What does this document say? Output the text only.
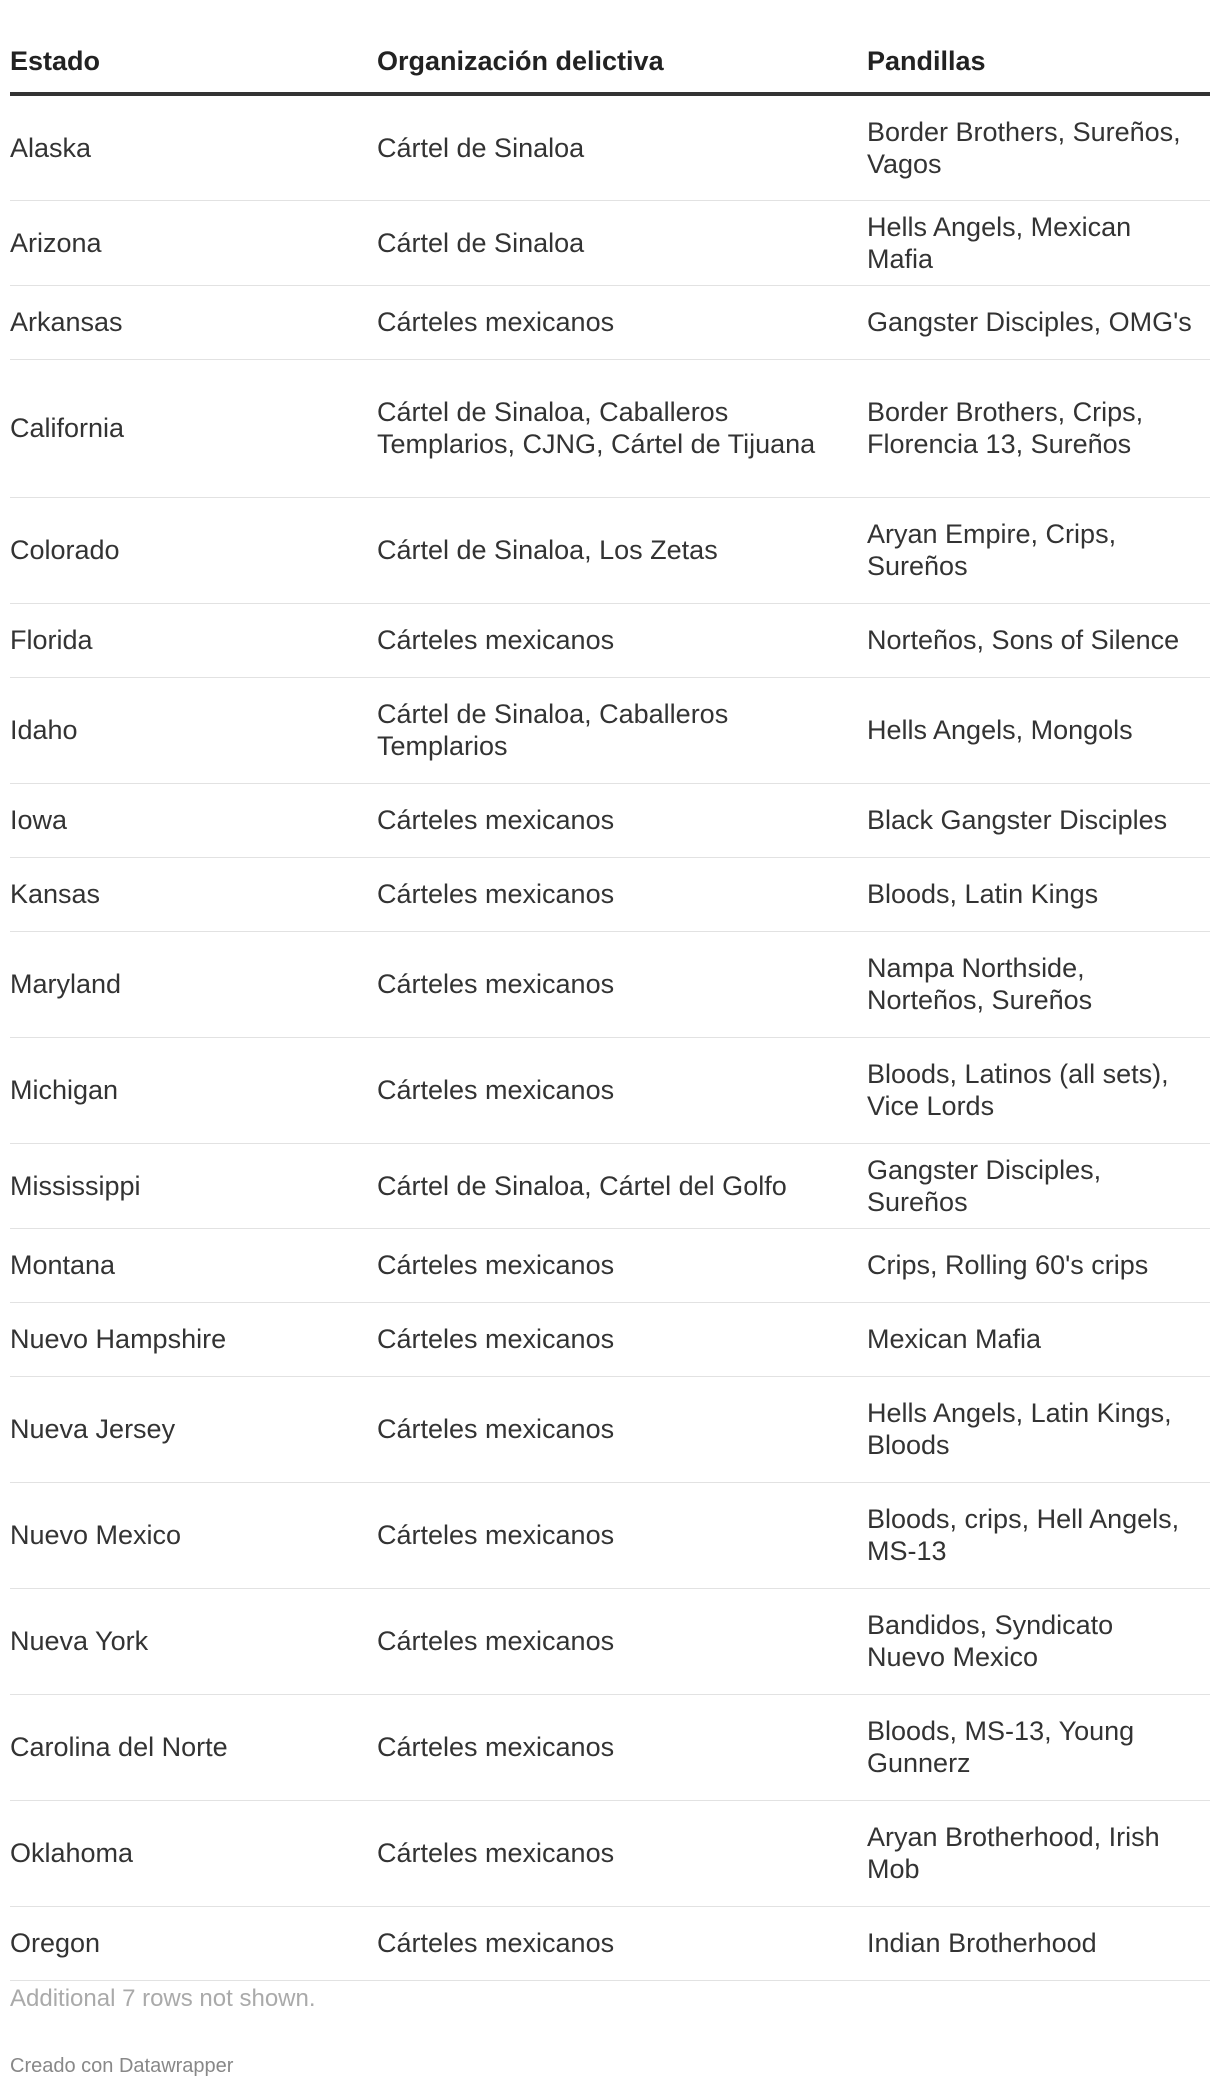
Estado	Organización delictiva	Pandillas
Alaska	Cártel de Sinaloa	Border Brothers, Sureños, Vagos
Arizona	Cártel de Sinaloa	Hells Angels, Mexican Mafia
Arkansas	Cárteles mexicanos	Gangster Disciples, OMG's
California	Cártel de Sinaloa, Caballeros Templarios, CJNG, Cártel de Tijuana	Border Brothers, Crips, Florencia 13, Sureños
Colorado	Cártel de Sinaloa, Los Zetas	Aryan Empire, Crips, Sureños
Florida	Cárteles mexicanos	Norteños, Sons of Silence
Idaho	Cártel de Sinaloa, Caballeros Templarios	Hells Angels, Mongols
Iowa	Cárteles mexicanos	Black Gangster Disciples
Kansas	Cárteles mexicanos	Bloods, Latin Kings
Maryland	Cárteles mexicanos	Nampa Northside, Norteños, Sureños
Michigan	Cárteles mexicanos	Bloods, Latinos (all sets), Vice Lords
Mississippi	Cártel de Sinaloa, Cártel del Golfo	Gangster Disciples, Sureños
Montana	Cárteles mexicanos	Crips, Rolling 60's crips
Nuevo Hampshire	Cárteles mexicanos	Mexican Mafia
Nueva Jersey	Cárteles mexicanos	Hells Angels, Latin Kings, Bloods
Nuevo Mexico	Cárteles mexicanos	Bloods, crips, Hell Angels, MS-13
Nueva York	Cárteles mexicanos	Bandidos, Syndicato Nuevo Mexico
Carolina del Norte	Cárteles mexicanos	Bloods, MS-13, Young Gunnerz
Oklahoma	Cárteles mexicanos	Aryan Brotherhood, Irish Mob
Oregon	Cárteles mexicanos	Indian Brotherhood

Additional 7 rows not shown.

Creado con Datawrapper
